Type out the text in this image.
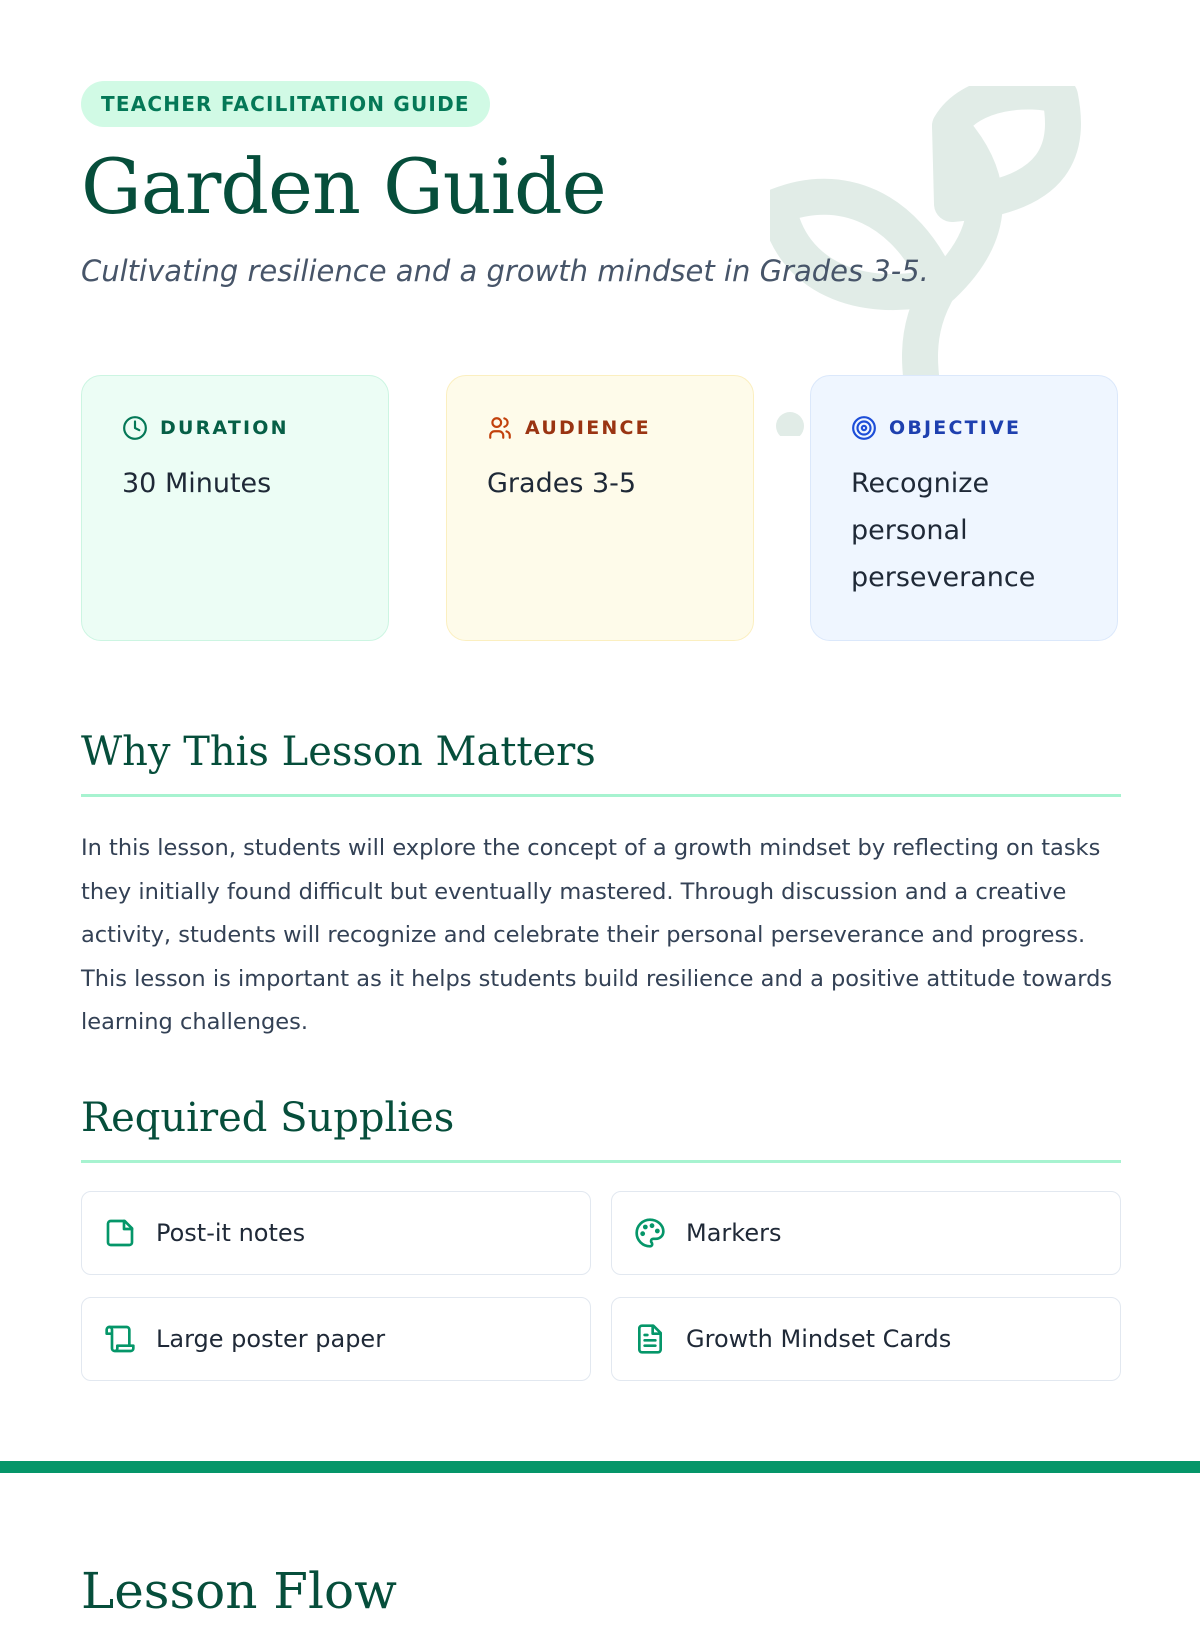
TEACHER FACILITATION GUIDE
Garden Guide
Cultivating resilience and a growth mindset in Grades 3-5.
DURATION
30 Minutes
AUDIENCE
Grades 3-5
OBJECTIVE
Recognize personal perseverance
Why This Lesson Matters
In this lesson, students will explore the concept of a growth mindset by reflecting on tasks they initially found difficult but eventually mastered. Through discussion and a creative activity, students will recognize and celebrate their personal perseverance and progress. This lesson is important as it helps students build resilience and a positive attitude towards learning challenges.
Required Supplies
Post-it notes	Markers
Large poster paper	Growth Mindset Cards
Lesson Flow
